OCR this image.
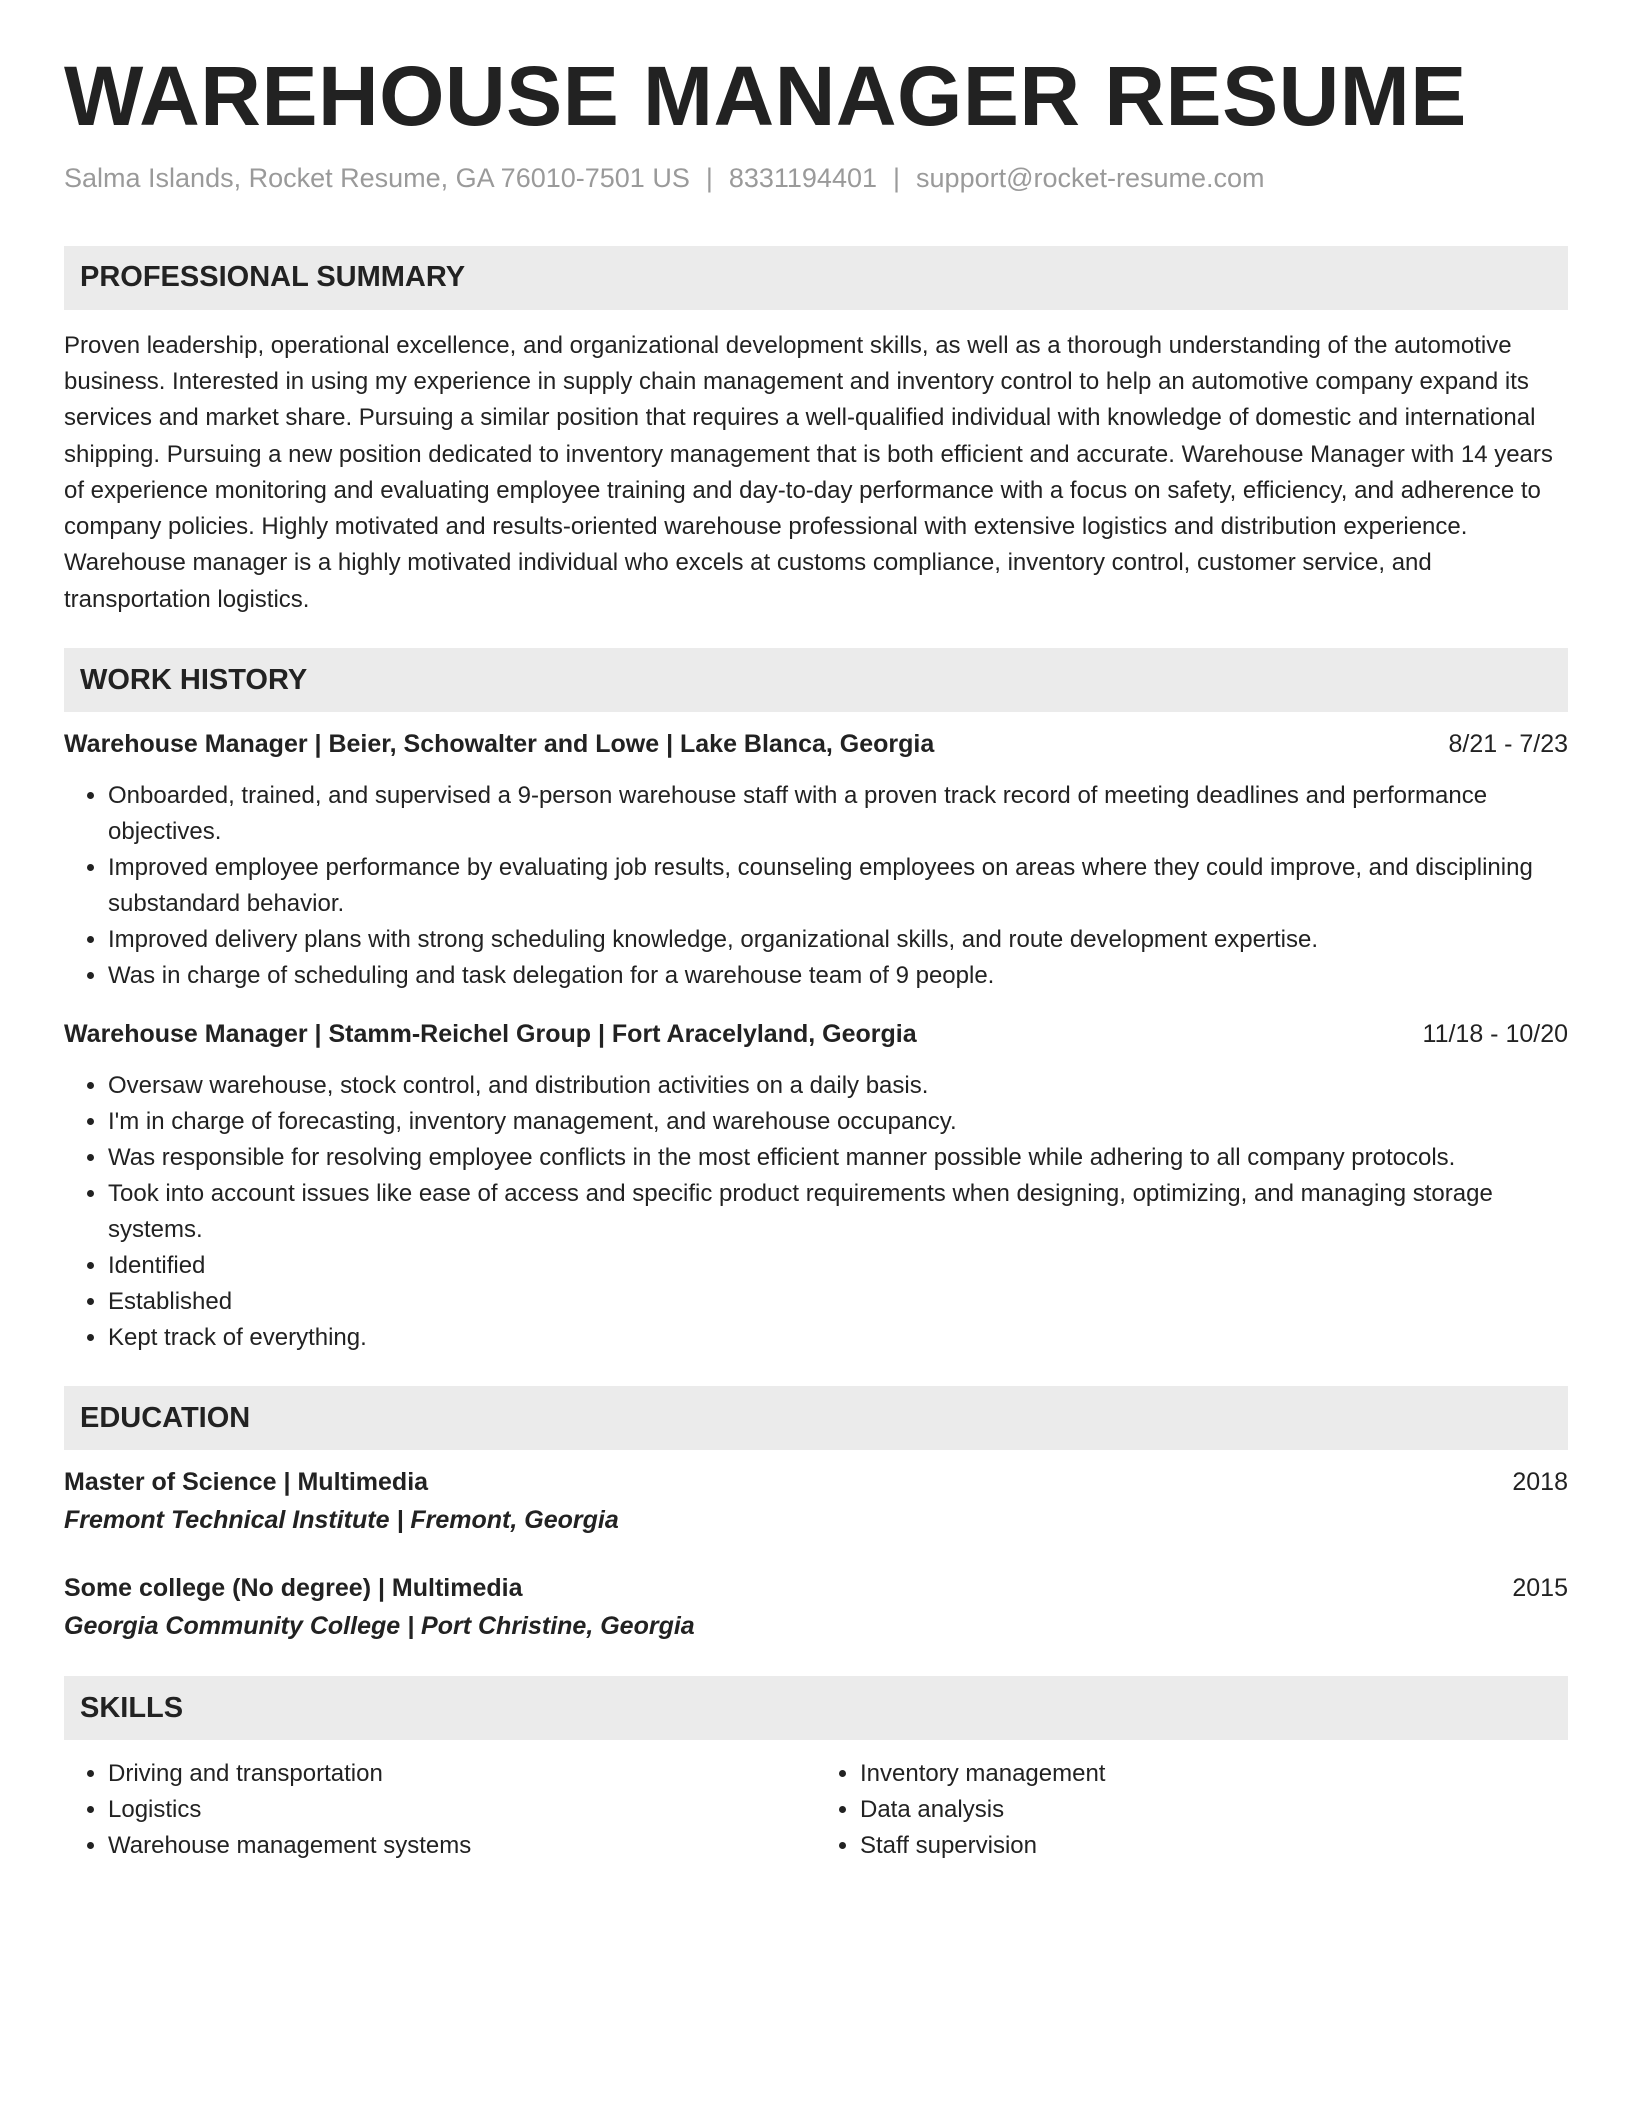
WAREHOUSE MANAGER RESUME
Salma Islands, Rocket Resume, GA 76010-7501 US | 8331194401 | support@rocket-resume.com
PROFESSIONAL SUMMARY
Proven leadership, operational excellence, and organizational development skills, as well as a thorough understanding of the automotive business. Interested in using my experience in supply chain management and inventory control to help an automotive company expand its services and market share. Pursuing a similar position that requires a well-qualified individual with knowledge of domestic and international shipping. Pursuing a new position dedicated to inventory management that is both efficient and accurate. Warehouse Manager with 14 years of experience monitoring and evaluating employee training and day-to-day performance with a focus on safety, efficiency, and adherence to company policies. Highly motivated and results-oriented warehouse professional with extensive logistics and distribution experience. Warehouse manager is a highly motivated individual who excels at customs compliance, inventory control, customer service, and transportation logistics.
WORK HISTORY
Warehouse Manager | Beier, Schowalter and Lowe | Lake Blanca, Georgia	8/21 - 7/23
• Onboarded, trained, and supervised a 9-person warehouse staff with a proven track record of meeting deadlines and performance objectives.
• Improved employee performance by evaluating job results, counseling employees on areas where they could improve, and disciplining substandard behavior.
• Improved delivery plans with strong scheduling knowledge, organizational skills, and route development expertise.
• Was in charge of scheduling and task delegation for a warehouse team of 9 people.
Warehouse Manager | Stamm-Reichel Group | Fort Aracelyland, Georgia	11/18 - 10/20
• Oversaw warehouse, stock control, and distribution activities on a daily basis.
• I'm in charge of forecasting, inventory management, and warehouse occupancy.
• Was responsible for resolving employee conflicts in the most efficient manner possible while adhering to all company protocols.
• Took into account issues like ease of access and specific product requirements when designing, optimizing, and managing storage systems.
• Identified
• Established
• Kept track of everything.
EDUCATION
Master of Science | Multimedia	2018
Fremont Technical Institute | Fremont, Georgia
Some college (No degree) | Multimedia	2015
Georgia Community College | Port Christine, Georgia
SKILLS
• Driving and transportation
• Logistics
• Warehouse management systems
• Inventory management
• Data analysis
• Staff supervision
